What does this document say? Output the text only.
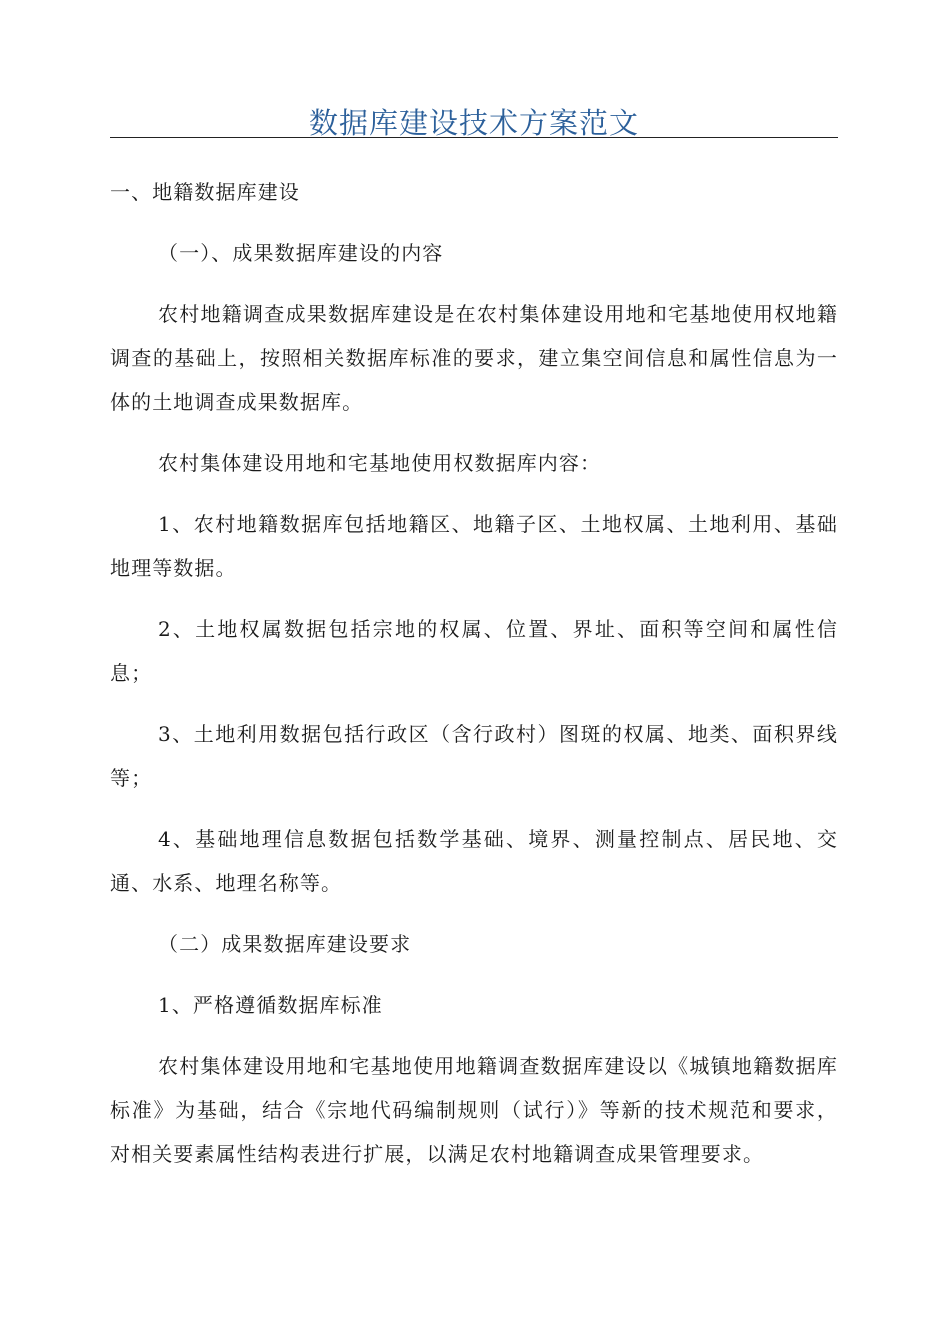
数据库建设技术方案范文

一、地籍数据库建设

（一）、成果数据库建设的内容

农村地籍调查成果数据库建设是在农村集体建设用地和宅基地使用权地籍调查的基础上，按照相关数据库标准的要求，建立集空间信息和属性信息为一体的土地调查成果数据库。

农村集体建设用地和宅基地使用权数据库内容：

1、农村地籍数据库包括地籍区、地籍子区、土地权属、土地利用、基础地理等数据。

2、土地权属数据包括宗地的权属、位置、界址、面积等空间和属性信息；

3、土地利用数据包括行政区（含行政村）图斑的权属、地类、面积界线等；

4、基础地理信息数据包括数学基础、境界、测量控制点、居民地、交通、水系、地理名称等。

（二）成果数据库建设要求

1、严格遵循数据库标准

农村集体建设用地和宅基地使用地籍调查数据库建设以《城镇地籍数据库标准》为基础，结合《宗地代码编制规则（试行）》等新的技术规范和要求，对相关要素属性结构表进行扩展，以满足农村地籍调查成果管理要求。
